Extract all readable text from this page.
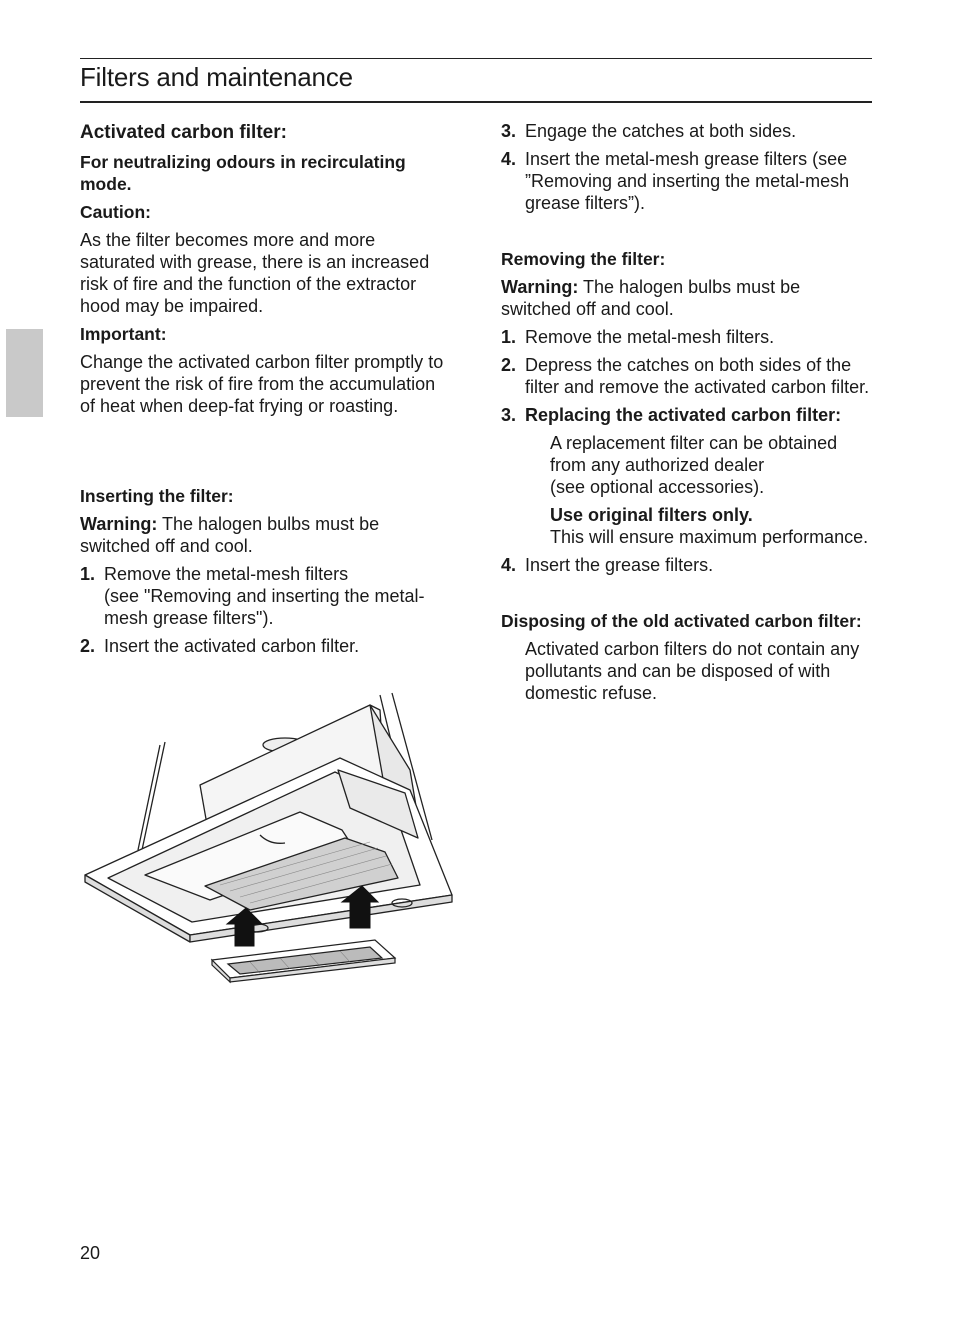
Filters and maintenance
Activated carbon filter:

For neutralizing odours in recirculating mode.

Caution:

As the filter becomes more and more saturated with grease, there is an increased risk of fire and the function of the extractor hood may be impaired.

Important:

Change the activated carbon filter promptly to prevent the risk of fire from the accumulation of heat when deep-fat frying or roasting.

Inserting the filter:

Warning: The halogen bulbs must be switched off and cool.

1. Remove the metal-mesh filters
(see "Removing and inserting the metal-mesh grease filters").
2. Insert the activated carbon filter.
3. Engage the catches at both sides.
4. Insert the metal-mesh grease filters (see ”Removing and inserting the metal-mesh grease filters”).

Removing the filter:

Warning: The halogen bulbs must be switched off and cool.

1. Remove the metal-mesh filters.
2. Depress the catches on both sides of the filter and remove the activated carbon filter.
3. Replacing the activated carbon filter:

A replacement filter can be obtained from any authorized dealer
(see optional accessories).

Use original filters only.
This will ensure maximum performance.

4. Insert the grease filters.

Disposing of the old activated carbon filter:

Activated carbon filters do not contain any pollutants and can be disposed of with domestic refuse.

20
